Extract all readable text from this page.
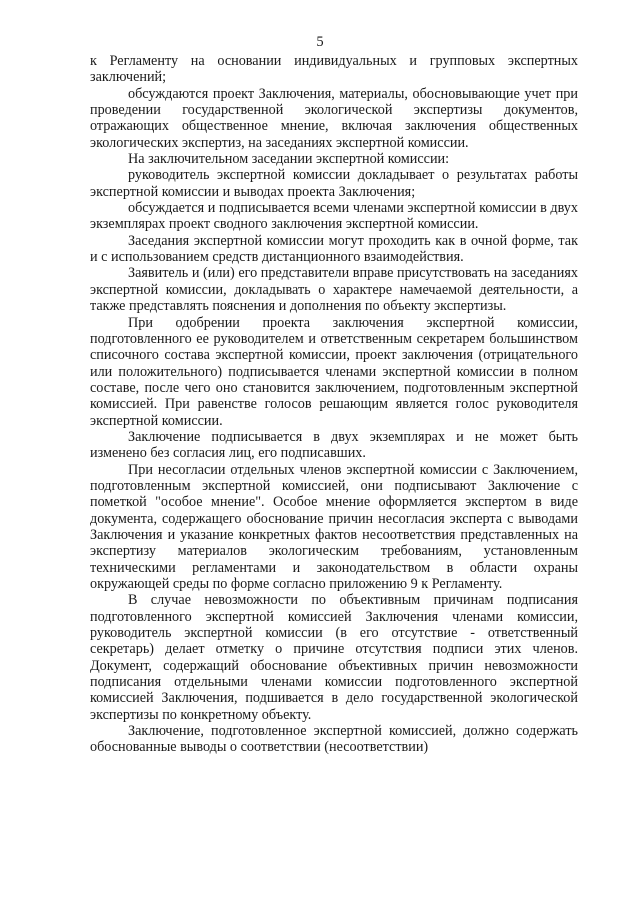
5

к Регламенту на основании индивидуальных и групповых экспертных заключений;

обсуждаются проект Заключения, материалы, обосновывающие учет при проведении государственной экологической экспертизы документов, отражающих общественное мнение, включая заключения общественных экологических экспертиз, на заседаниях экспертной комиссии.

На заключительном заседании экспертной комиссии:

руководитель экспертной комиссии докладывает о результатах работы экспертной комиссии и выводах проекта Заключения;

обсуждается и подписывается всеми членами экспертной комиссии в двух экземплярах проект сводного заключения экспертной комиссии.

Заседания экспертной комиссии могут проходить как в очной форме, так и с использованием средств дистанционного взаимодействия.

Заявитель и (или) его представители вправе присутствовать на заседаниях экспертной комиссии, докладывать о характере намечаемой деятельности, а также представлять пояснения и дополнения по объекту экспертизы.

При одобрении проекта заключения экспертной комиссии, подготовленного ее руководителем и ответственным секретарем большинством списочного состава экспертной комиссии, проект заключения (отрицательного или положительного) подписывается членами экспертной комиссии в полном составе, после чего оно становится заключением, подготовленным экспертной комиссией. При равенстве голосов решающим является голос руководителя экспертной комиссии.

Заключение подписывается в двух экземплярах и не может быть изменено без согласия лиц, его подписавших.

При несогласии отдельных членов экспертной комиссии с Заключением, подготовленным экспертной комиссией, они подписывают Заключение с пометкой "особое мнение". Особое мнение оформляется экспертом в виде документа, содержащего обоснование причин несогласия эксперта с выводами Заключения и указание конкретных фактов несоответствия представленных на экспертизу материалов экологическим требованиям, установленным техническими регламентами и законодательством в области охраны окружающей среды по форме согласно приложению 9 к Регламенту.

В случае невозможности по объективным причинам подписания подготовленного экспертной комиссией Заключения членами комиссии, руководитель экспертной комиссии (в его отсутствие - ответственный секретарь) делает отметку о причине отсутствия подписи этих членов. Документ, содержащий обоснование объективных причин невозможности подписания отдельными членами комиссии подготовленного экспертной комиссией Заключения, подшивается в дело государственной экологической экспертизы по конкретному объекту.

Заключение, подготовленное экспертной комиссией, должно содержать обоснованные выводы о соответствии (несоответствии)
